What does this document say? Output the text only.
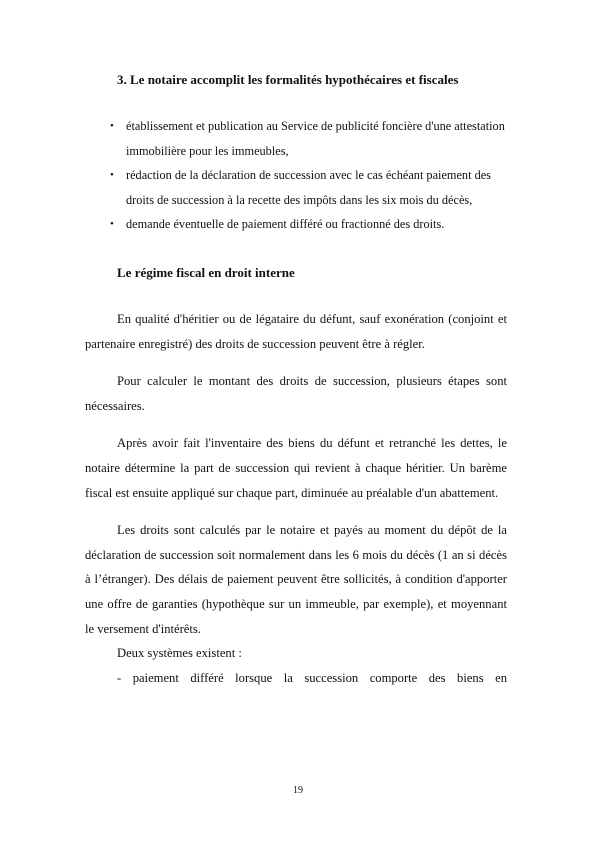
3. Le notaire accomplit les formalités hypothécaires et fiscales

• établissement et publication au Service de publicité foncière d'une attestation immobilière pour les immeubles,
• rédaction de la déclaration de succession avec le cas échéant paiement des droits de succession à la recette des impôts dans les six mois du décès,
• demande éventuelle de paiement différé ou fractionné des droits.

Le régime fiscal en droit interne

En qualité d'héritier ou de légataire du défunt, sauf exonération (conjoint et partenaire enregistré) des droits de succession peuvent être à régler.

Pour calculer le montant des droits de succession, plusieurs étapes sont nécessaires.

Après avoir fait l'inventaire des biens du défunt et retranché les dettes, le notaire détermine la part de succession qui revient à chaque héritier. Un barème fiscal est ensuite appliqué sur chaque part, diminuée au préalable d'un abattement.

Les droits sont calculés par le notaire et payés au moment du dépôt de la déclaration de succession soit normalement dans les 6 mois du décès (1 an si décès à l’étranger). Des délais de paiement peuvent être sollicités, à condition d'apporter une offre de garanties (hypothèque sur un immeuble, par exemple), et moyennant le versement d'intérêts.

Deux systèmes existent :

- paiement différé lorsque la succession comporte des biens en

19
